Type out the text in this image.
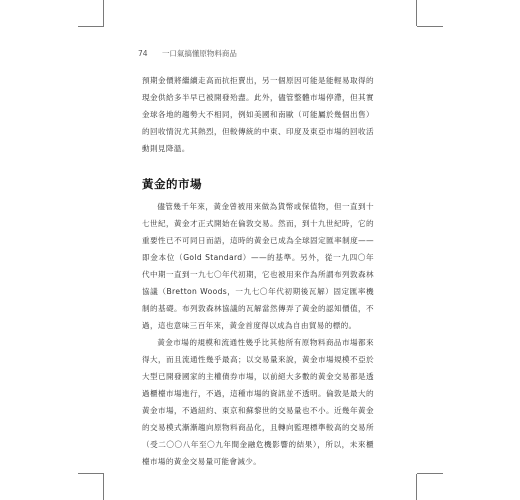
74 一口氣搞懂原物料商品

預期金價將繼續走高而抗拒賣出，另一個原因可能是能輕易取得的現金供給多半早已被開發殆盡。此外，儘管整體市場停滯，但其實金球各地的趨勢大不相同，例如美國和南歐（可能屬於幾個出售）的回收情況尤其熱烈，但較傳統的中東、印度及東亞市場的回收活動則見降溫。

黃金的市場

儘管幾千年來，黃金曾被用來做為貨幣或保值物，但一直到十七世紀，黃金才正式開始在倫敦交易。然而，到十九世紀時，它的重要性已不可同日而語，這時的黃金已成為全球固定匯率制度——即金本位（Gold Standard）——的基準。另外，從一九四〇年代中期一直到一九七〇年代初期，它也被用來作為所謂布列敦森林協議（Bretton Woods，一九七〇年代初期後瓦解）固定匯率機制的基礎。布列敦森林協議的瓦解當然傳弄了黃金的認知價值，不過，這也意味三百年來，黃金首度得以成為自由貿易的標的。

黃金市場的規模和流通性幾乎比其他所有原物料商品市場都來得大，而且流通性幾乎最高；以交易量來說，黃金市場規模不亞於大型已開發國家的主權債券市場，以前絕大多數的黃金交易都是透過櫃檯市場進行，不過，這種市場的資訊並不透明。倫敦是最大的黃金市場，不過紐約、東京和蘇黎世的交易量也不小。近幾年黃金的交易模式漸漸趨向原物料商品化，且轉向監理標準較高的交易所（受二〇〇八年至〇九年間金融危機影響的結果），所以，未來櫃檯市場的黃金交易量可能會減少。
